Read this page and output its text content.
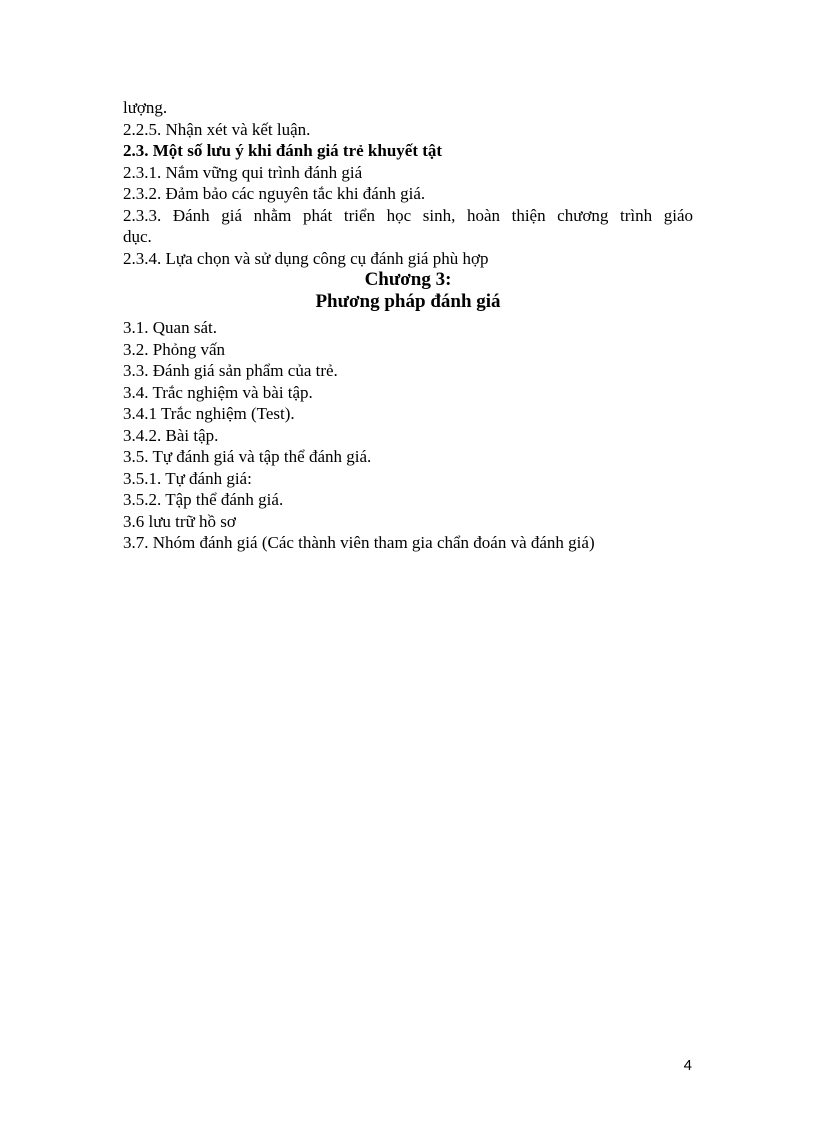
lượng.
2.2.5. Nhận xét và kết luận.
2.3. Một số lưu ý khi đánh giá trẻ khuyết tật
2.3.1. Nắm vững qui trình đánh giá
2.3.2. Đảm bảo các nguyên tắc khi đánh giá.
2.3.3. Đánh giá nhằm phát triển học sinh, hoàn thiện chương trình giáo
dục.
2.3.4. Lựa chọn và sử dụng công cụ đánh giá phù hợp
Chương 3:
Phương pháp đánh giá
3.1. Quan sát.
3.2. Phỏng vấn
3.3. Đánh giá sản phẩm của trẻ.
3.4. Trắc nghiệm và bài tập.
3.4.1 Trắc nghiệm (Test).
3.4.2. Bài tập.
3.5. Tự đánh giá và tập thể đánh giá.
3.5.1. Tự đánh giá:
3.5.2. Tập thể đánh giá.
3.6 lưu trữ hồ sơ
3.7. Nhóm đánh giá (Các thành viên tham gia chẩn đoán và đánh giá)
4
